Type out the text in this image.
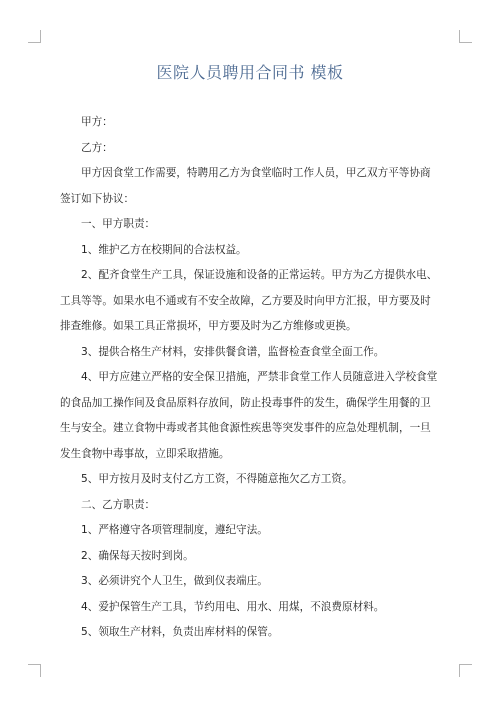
医院人员聘用合同书 模板

甲方：

乙方：

甲方因食堂工作需要，特聘用乙方为食堂临时工作人员，甲乙双方平等协商签订如下协议：

一、甲方职责：

1、维护乙方在校期间的合法权益。

2、配齐食堂生产工具，保证设施和设备的正常运转。甲方为乙方提供水电、工具等等。如果水电不通或有不安全故障，乙方要及时向甲方汇报，甲方要及时排查维修。如果工具正常损坏，甲方要及时为乙方维修或更换。

3、提供合格生产材料，安排供餐食谱，监督检查食堂全面工作。

4、甲方应建立严格的安全保卫措施，严禁非食堂工作人员随意进入学校食堂的食品加工操作间及食品原料存放间，防止投毒事件的发生，确保学生用餐的卫生与安全。建立食物中毒或者其他食源性疾患等突发事件的应急处理机制，一旦发生食物中毒事故，立即采取措施。

5、甲方按月及时支付乙方工资，不得随意拖欠乙方工资。

二、乙方职责：

1、严格遵守各项管理制度，遵纪守法。

2、确保每天按时到岗。

3、必须讲究个人卫生，做到仪表端庄。

4、爱护保管生产工具，节约用电、用水、用煤，不浪费原材料。

5、领取生产材料，负责出库材料的保管。
